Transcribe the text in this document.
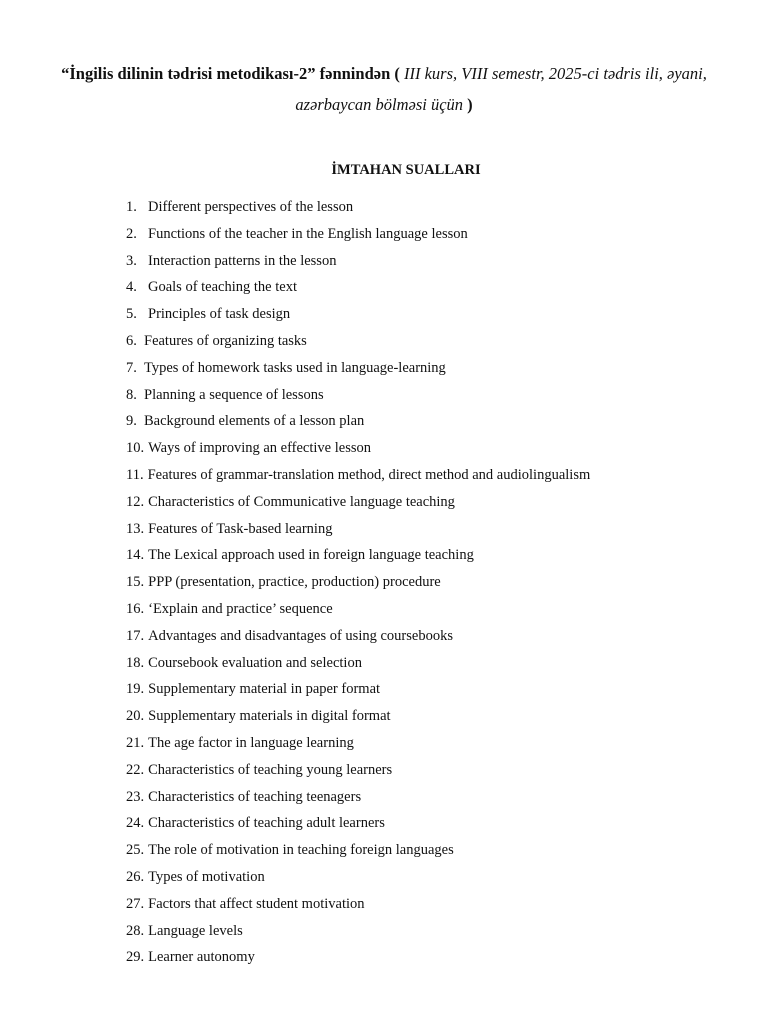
“İngilis dilinin tədrisi metodikası-2” fənnindən ( III kurs, VIII semestr, 2025-ci tədris ili, əyani, azərbaycan bölməsi üçün )
İMTAHAN SUALLARI
1. Different perspectives of the lesson
2. Functions of the teacher in the English language lesson
3. Interaction patterns in the lesson
4. Goals of teaching the text
5. Principles of task design
6. Features of organizing tasks
7. Types of homework tasks used in language-learning
8. Planning a sequence of lessons
9. Background elements of a lesson plan
10. Ways of improving an effective lesson
11. Features of grammar-translation method, direct method and audiolingualism
12. Characteristics of Communicative language teaching
13. Features of Task-based learning
14. The Lexical approach used in foreign language teaching
15. PPP (presentation, practice, production) procedure
16. ‘Explain and practice’ sequence
17. Advantages and disadvantages of using coursebooks
18. Coursebook evaluation and selection
19. Supplementary material in paper format
20. Supplementary materials in digital format
21. The age factor in language learning
22. Characteristics of teaching young learners
23. Characteristics of teaching teenagers
24. Characteristics of teaching adult learners
25. The role of motivation in teaching foreign languages
26. Types of motivation
27. Factors that affect student motivation
28. Language levels
29. Learner autonomy
